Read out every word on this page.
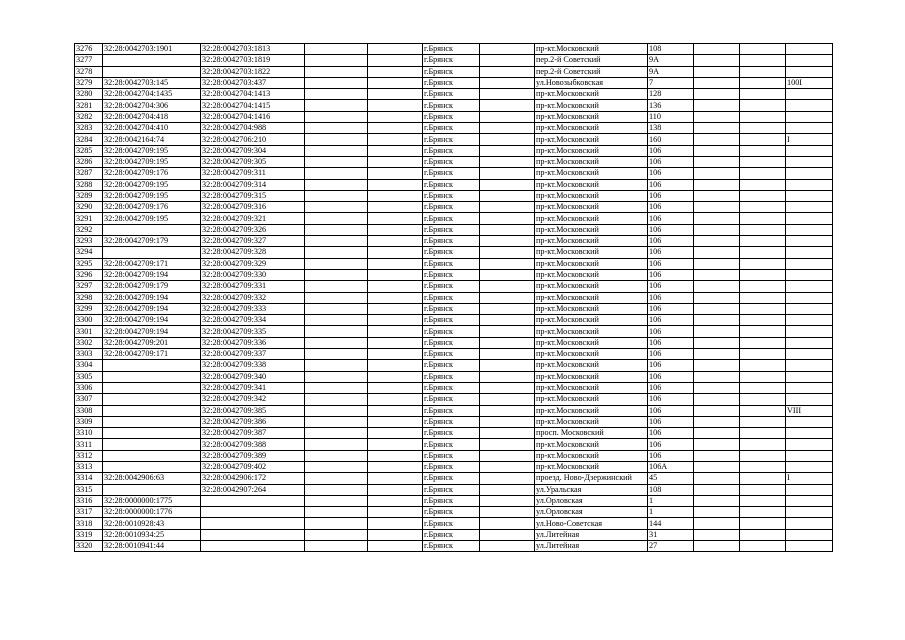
3276	32:28:0042703:1901	32:28:0042703:1813			г.Брянск		пр-кт.Московский	108			
3277		32:28:0042703:1819			г.Брянск		пер.2-й Советский	9А			
3278		32:28:0042703:1822			г.Брянск		пер.2-й Советский	9А			
3279	32:28:0042703:145	32:28:0042703:437			г.Брянск		ул.Новозыбковская	7			100I
3280	32:28:0042704:1435	32:28:0042704:1413			г.Брянск		пр-кт.Московский	128			
3281	32:28:0042704:306	32:28:0042704:1415			г.Брянск		пр-кт.Московский	136			
3282	32:28:0042704:418	32:28:0042704:1416			г.Брянск		пр-кт.Московский	110			
3283	32:28:0042704:410	32:28:0042704:988			г.Брянск		пр-кт.Московский	138			
3284	32:28:0042164:74	32:28:0042706:210			г.Брянск		пр-кт.Московский	160			I
3285	32:28:0042709:195	32:28:0042709:304			г.Брянск		пр-кт.Московский	106			
3286	32:28:0042709:195	32:28:0042709:305			г.Брянск		пр-кт.Московский	106			
3287	32:28:0042709:176	32:28:0042709:311			г.Брянск		пр-кт.Московский	106			
3288	32:28:0042709:195	32:28:0042709:314			г.Брянск		пр-кт.Московский	106			
3289	32:28:0042709:195	32:28:0042709:315			г.Брянск		пр-кт.Московский	106			
3290	32:28:0042709:176	32:28:0042709:316			г.Брянск		пр-кт.Московский	106			
3291	32:28:0042709:195	32:28:0042709:321			г.Брянск		пр-кт.Московский	106			
3292		32:28:0042709:326			г.Брянск		пр-кт.Московский	106			
3293	32:28:0042709:179	32:28:0042709:327			г.Брянск		пр-кт.Московский	106			
3294		32:28:0042709:328			г.Брянск		пр-кт.Московский	106			
3295	32:28:0042709:171	32:28:0042709:329			г.Брянск		пр-кт.Московский	106			
3296	32:28:0042709:194	32:28:0042709:330			г.Брянск		пр-кт.Московский	106			
3297	32:28:0042709:179	32:28:0042709:331			г.Брянск		пр-кт.Московский	106			
3298	32:28:0042709:194	32:28:0042709:332			г.Брянск		пр-кт.Московский	106			
3299	32:28:0042709:194	32:28:0042709:333			г.Брянск		пр-кт.Московский	106			
3300	32:28:0042709:194	32:28:0042709:334			г.Брянск		пр-кт.Московский	106			
3301	32:28:0042709:194	32:28:0042709:335			г.Брянск		пр-кт.Московский	106			
3302	32:28:0042709:201	32:28:0042709:336			г.Брянск		пр-кт.Московский	106			
3303	32:28:0042709:171	32:28:0042709:337			г.Брянск		пр-кт.Московский	106			
3304		32:28:0042709:338			г.Брянск		пр-кт.Московский	106			
3305		32:28:0042709:340			г.Брянск		пр-кт.Московский	106			
3306		32:28:0042709:341			г.Брянск		пр-кт.Московский	106			
3307		32:28:0042709:342			г.Брянск		пр-кт.Московский	106			
3308		32:28:0042709:385			г.Брянск		пр-кт.Московский	106			VIII
3309		32:28:0042709:386			г.Брянск		пр-кт.Московский	106			
3310		32:28:0042709:387			г.Брянск		просп. Московский	106			
3311		32:28:0042709:388			г.Брянск		пр-кт.Московский	106			
3312		32:28:0042709:389			г.Брянск		пр-кт.Московский	106			
3313		32:28:0042709:402			г.Брянск		пр-кт.Московский	106А			
3314	32:28:0042906:63	32:28:0042906:172			г.Брянск		проезд. Ново-Дзержинский	45			I
3315		32:28:0042907:264			г.Брянск		ул.Уральская	108			
3316	32:28:0000000:1775				г.Брянск		ул.Орловская	1			
3317	32:28:0000000:1776				г.Брянск		ул.Орловская	1			
3318	32:28:0010928:43				г.Брянск		ул.Ново-Советская	144			
3319	32:28:0010934:25				г.Брянск		ул.Литейная	31			
3320	32:28:0010941:44				г.Брянск		ул.Литейная	27			
